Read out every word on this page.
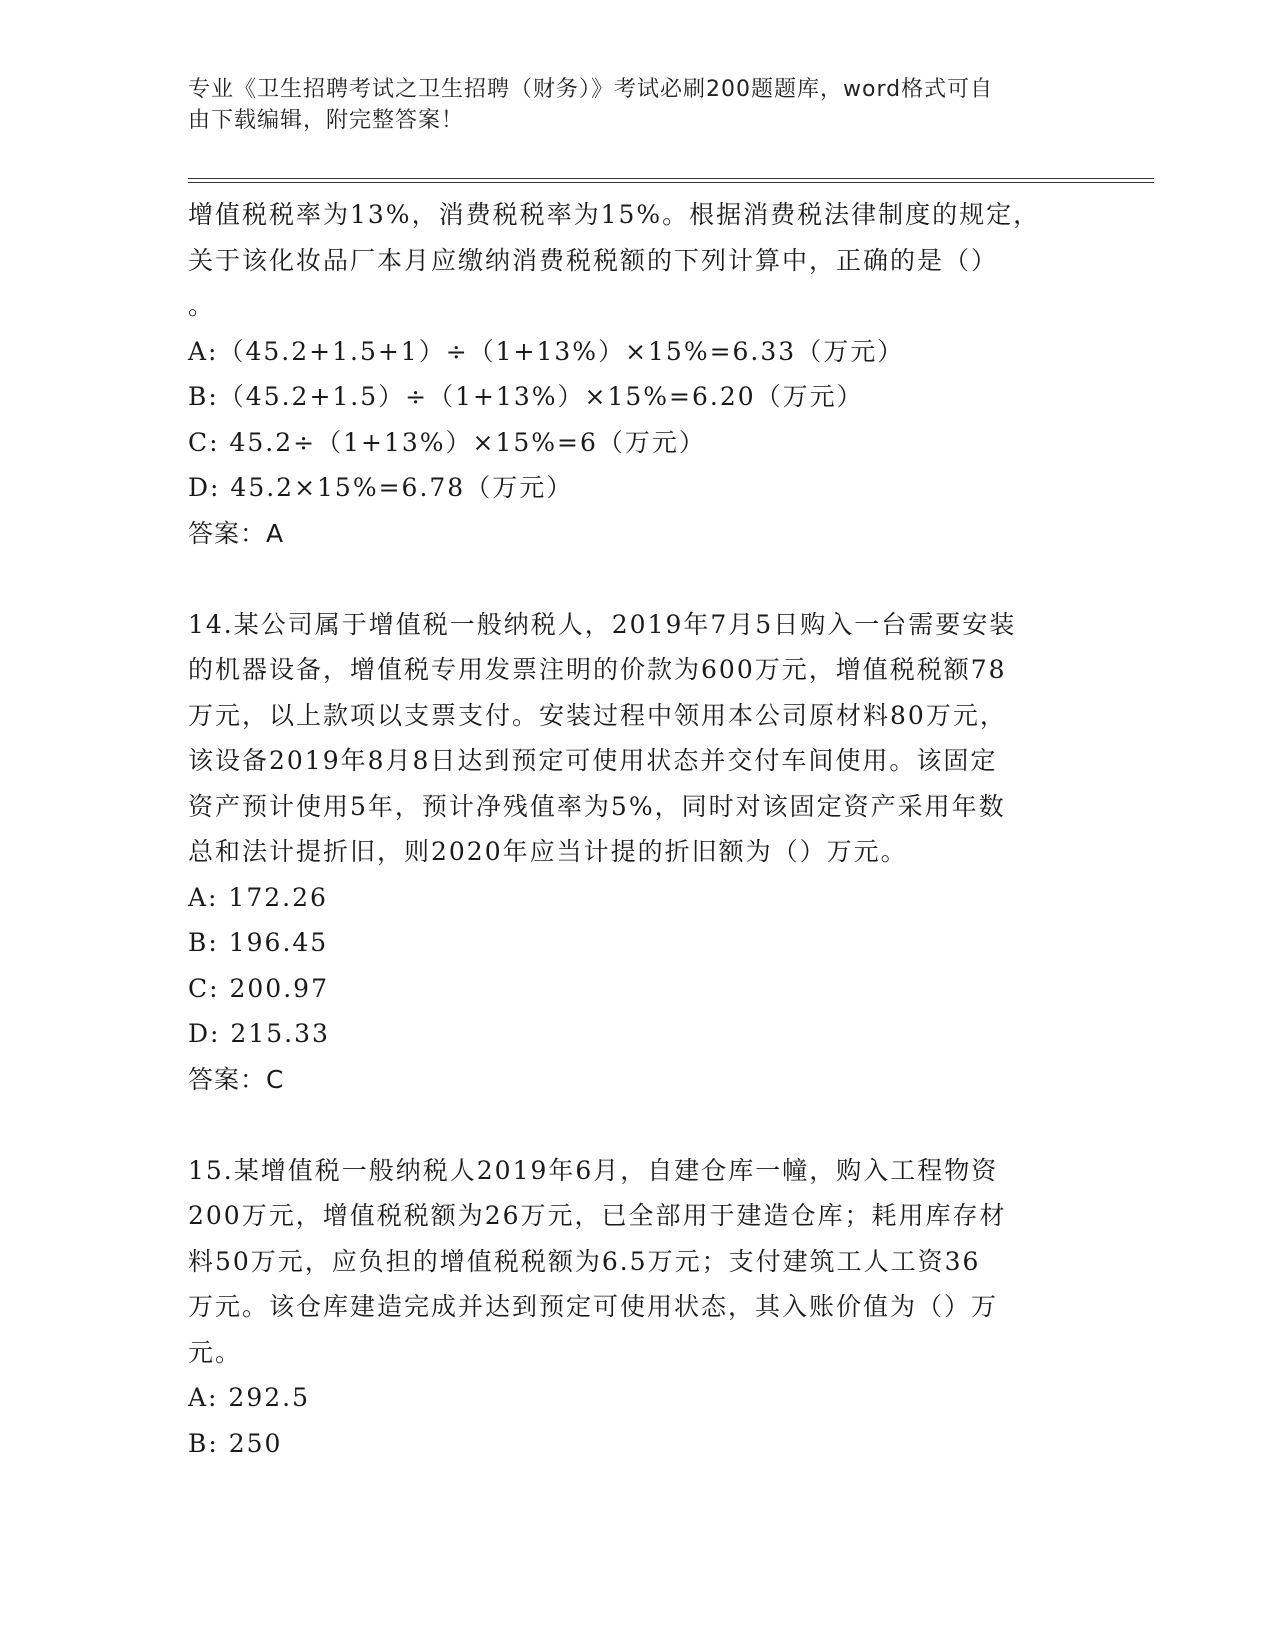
专业《卫生招聘考试之卫生招聘（财务）》考试必刷200题题库，word格式可自
由下载编辑，附完整答案！

增值税税率为13%，消费税税率为15%。根据消费税法律制度的规定，

关于该化妆品厂本月应缴纳消费税税额的下列计算中，正确的是（）

。

A:（45.2+1.5+1）÷（1+13%）×15%=6.33（万元）

B:（45.2+1.5）÷（1+13%）×15%=6.20（万元）

C: 45.2÷（1+13%）×15%=6（万元）

D: 45.2×15%=6.78（万元）

答案：A

14.某公司属于增值税一般纳税人，2019年7月5日购入一台需要安装

的机器设备，增值税专用发票注明的价款为600万元，增值税税额78

万元，以上款项以支票支付。安装过程中领用本公司原材料80万元，

该设备2019年8月8日达到预定可使用状态并交付车间使用。该固定

资产预计使用5年，预计净残值率为5%，同时对该固定资产采用年数

总和法计提折旧，则2020年应当计提的折旧额为（）万元。

A: 172.26

B: 196.45

C: 200.97

D: 215.33

答案：C

15.某增值税一般纳税人2019年6月，自建仓库一幢，购入工程物资

200万元，增值税税额为26万元，已全部用于建造仓库；耗用库存材

料50万元，应负担的增值税税额为6.5万元；支付建筑工人工资36

万元。该仓库建造完成并达到预定可使用状态，其入账价值为（）万

元。

A: 292.5

B: 250
